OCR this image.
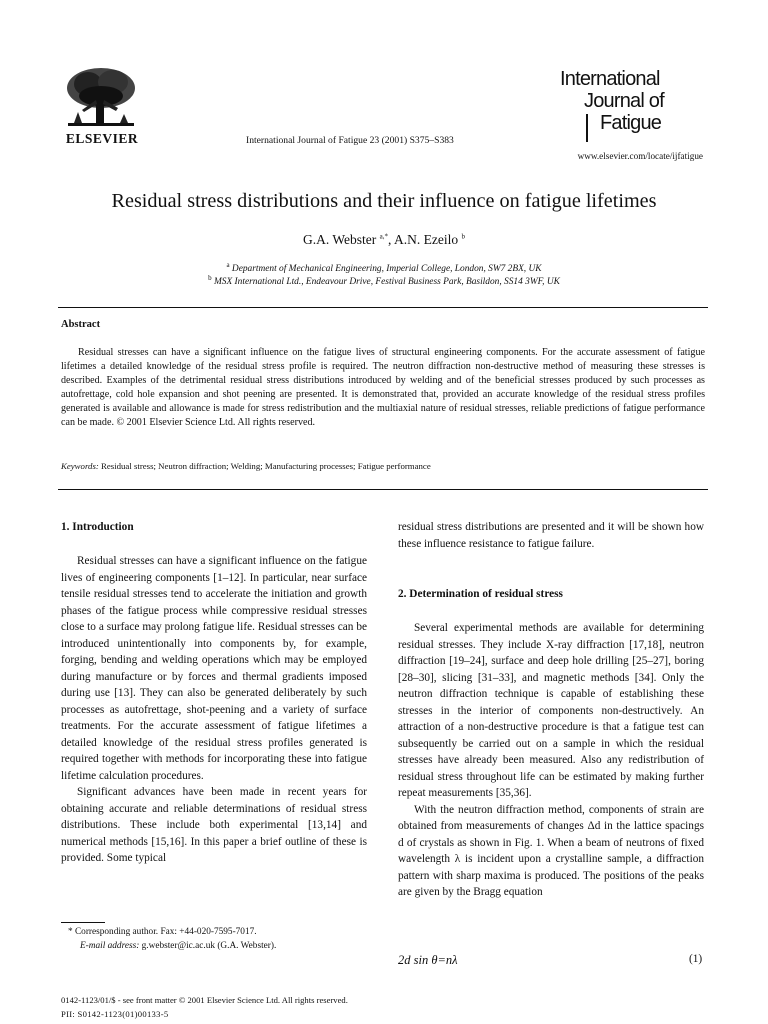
ELSEVIER	International Journal of Fatigue 23 (2001) S375–S383
International
Journal of
Fatigue
www.elsevier.com/locate/ijfatigue
Residual stress distributions and their influence on fatigue lifetimes
G.A. Webster $^{a,*}$, A.N. Ezeilo $^b$
$^a$ Department of Mechanical Engineering, Imperial College, London, SW7 2BX, UK
$^b$ MSX International Ltd., Endeavour Drive, Festival Business Park, Basildon, SS14 3WF, UK
Abstract
Residual stresses can have a significant influence on the fatigue lives of structural engineering components. For the accurate assessment of fatigue lifetimes a detailed knowledge of the residual stress profile is required. The neutron diffraction non-destructive method of measuring these stresses is described. Examples of the detrimental residual stress distributions introduced by welding and of the beneficial stresses produced by such processes as autofrettage, cold hole expansion and shot peening are presented. It is demonstrated that, provided an accurate knowledge of the residual stress profiles generated is available and allowance is made for stress redistribution and the multiaxial nature of residual stresses, reliable predictions of fatigue performance can be made. © 2001 Elsevier Science Ltd. All rights reserved.
Keywords: Residual stress; Neutron diffraction; Welding; Manufacturing processes; Fatigue performance
1. Introduction

Residual stresses can have a significant influence on the fatigue lives of engineering components [1–12]. In particular, near surface tensile residual stresses tend to accelerate the initiation and growth phases of the fatigue process while compressive residual stresses close to a surface may prolong fatigue life. Residual stresses can be introduced unintentionally into components by, for example, forging, bending and welding operations which may be employed during manufacture or by forces and thermal gradients imposed during use [13]. They can also be generated deliberately by such processes as autofrettage, shot-peening and a variety of surface treatments. For the accurate assessment of fatigue lifetimes a detailed knowledge of the residual stress profiles generated is required together with methods for incorporating these into fatigue lifetime calculation procedures.

Significant advances have been made in recent years for obtaining accurate and reliable determinations of residual stress distributions. These include both experimental [13,14] and numerical methods [15,16]. In this paper a brief outline of these is provided. Some typical

residual stress distributions are presented and it will be shown how these influence resistance to fatigue failure.

2. Determination of residual stress

Several experimental methods are available for determining residual stresses. They include X-ray diffraction [17,18], neutron diffraction [19–24], surface and deep hole drilling [25–27], boring [28–30], slicing [31–33], and magnetic methods [34]. Only the neutron diffraction technique is capable of establishing these stresses in the interior of components non-destructively. An attraction of a non-destructive procedure is that a fatigue test can subsequently be carried out on a sample in which the residual stresses have already been measured. Also any redistribution of residual stress throughout life can be estimated by making further repeat measurements [35,36].

With the neutron diffraction method, components of strain are obtained from measurements of changes Δd in the lattice spacings d of crystals as shown in Fig. 1. When a beam of neutrons of fixed wavelength λ is incident upon a crystalline sample, a diffraction pattern with sharp maxima is produced. The positions of the peaks are given by the Bragg equation

2d sin θ=nλ	(1)
* Corresponding author. Fax: +44-020-7595-7017.
E-mail address: g.webster@ic.ac.uk (G.A. Webster).
0142-1123/01/$ - see front matter © 2001 Elsevier Science Ltd. All rights reserved.
PII: S0142-1123(01)00133-5
